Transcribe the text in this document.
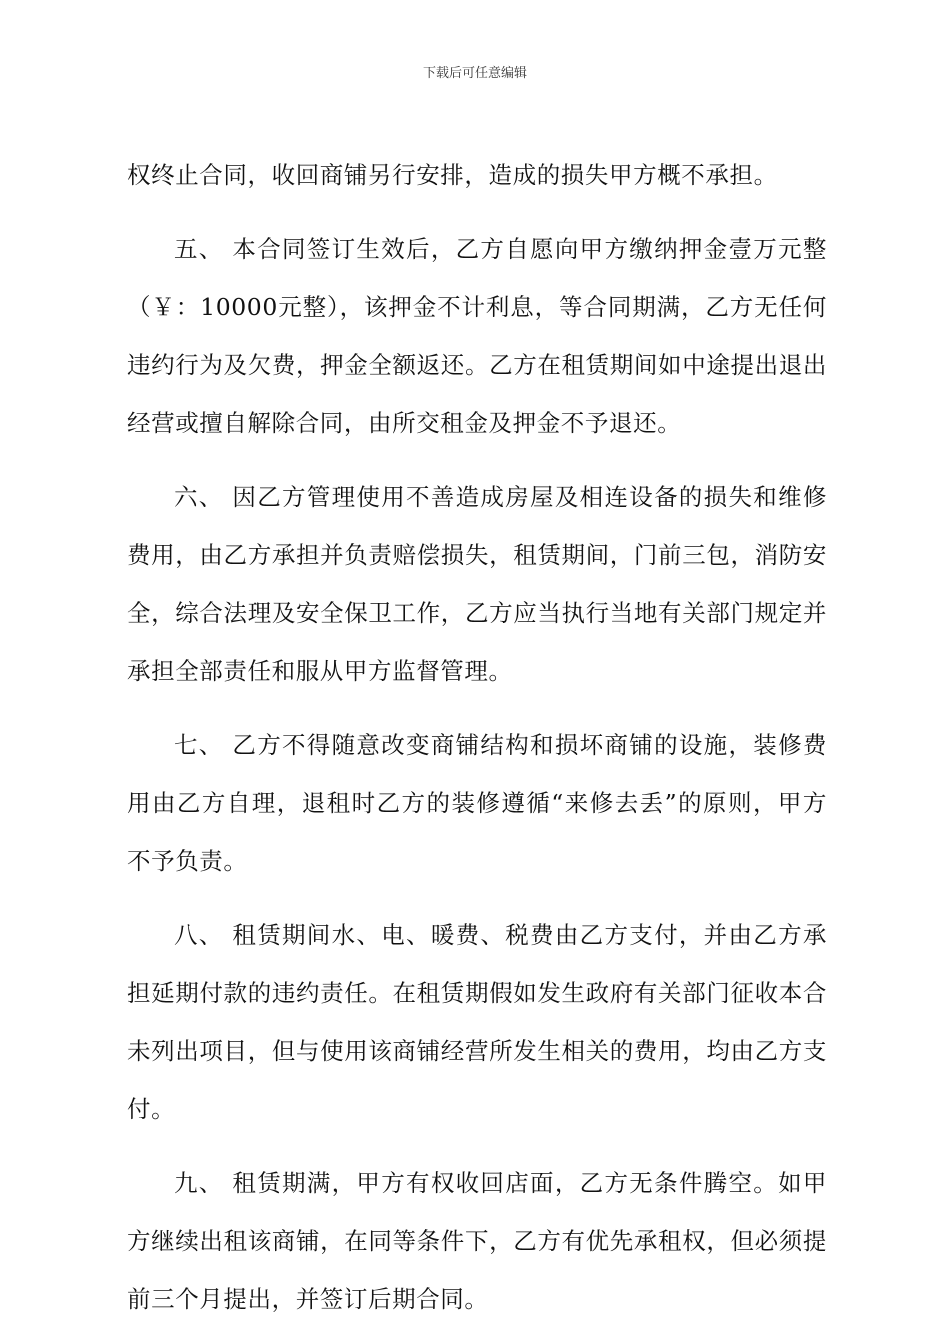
下载后可任意编辑

权终止合同，收回商铺另行安排，造成的损失甲方概不承担。

五、 本合同签订生效后，乙方自愿向甲方缴纳押金壹万元整（￥：10000元整），该押金不计利息，等合同期满，乙方无任何违约行为及欠费，押金全额返还。乙方在租赁期间如中途提出退出经营或擅自解除合同，由所交租金及押金不予退还。

六、 因乙方管理使用不善造成房屋及相连设备的损失和维修费用，由乙方承担并负责赔偿损失，租赁期间，门前三包，消防安全，综合法理及安全保卫工作，乙方应当执行当地有关部门规定并承担全部责任和服从甲方监督管理。

七、 乙方不得随意改变商铺结构和损坏商铺的设施，装修费用由乙方自理，退租时乙方的装修遵循“来修去丢”的原则，甲方不予负责。

八、 租赁期间水、电、暖费、税费由乙方支付，并由乙方承担延期付款的违约责任。在租赁期假如发生政府有关部门征收本合未列出项目，但与使用该商铺经营所发生相关的费用，均由乙方支付。

九、 租赁期满，甲方有权收回店面，乙方无条件腾空。如甲方继续出租该商铺，在同等条件下，乙方有优先承租权，但必须提前三个月提出，并签订后期合同。
